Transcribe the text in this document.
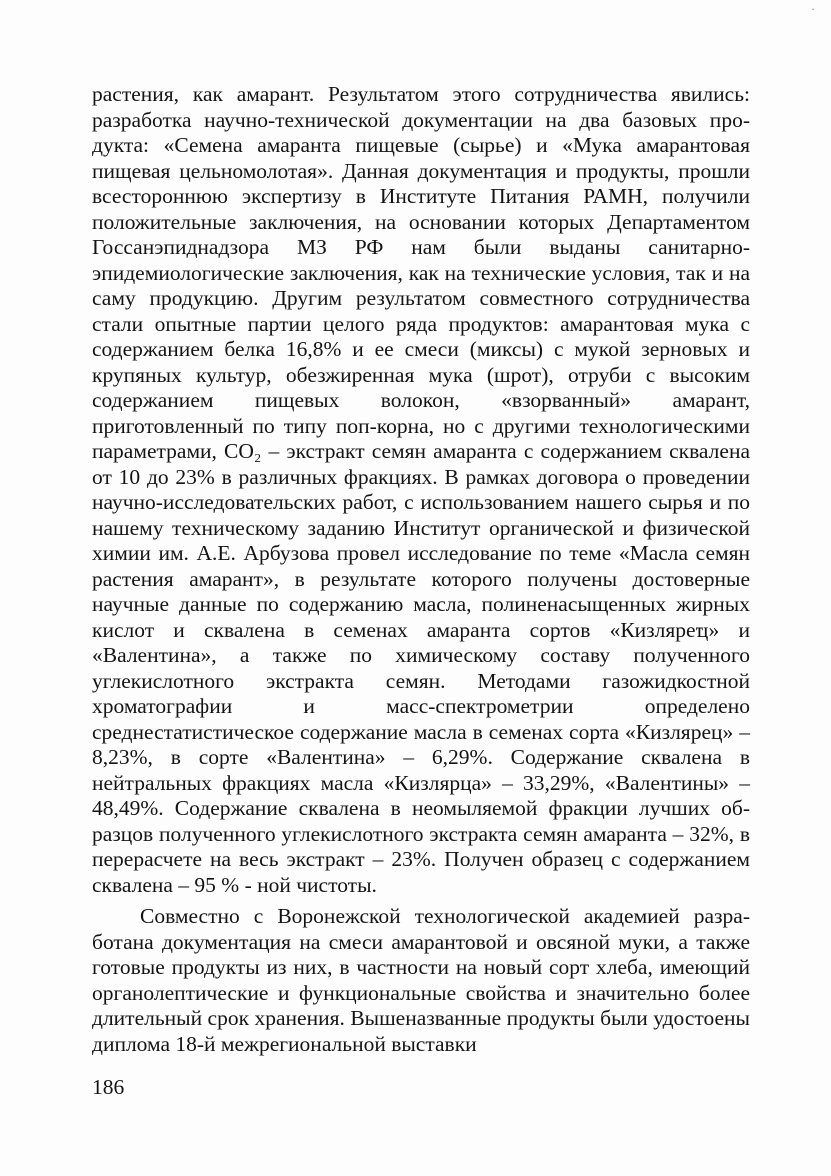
·

растения, как амарант. Результатом этого сотрудничества явились: разработка научно-технической документации на два базовых продукта: «Семена амаранта пищевые (сырье) и «Мука амарантовая пищевая цельномолотая». Данная документация и продукты, прошли всестороннюю экспертизу в Институте Питания РАМН, получили положительные заключения, на основании которых Департаментом Госсанэпиднадзора МЗ РФ нам были выданы санитарно-эпидемиологические заключения, как на технические условия, так и на саму продукцию. Другим результатом совместного сотрудничества стали опытные партии целого ряда продуктов: амарантовая мука с содержанием белка 16,8% и ее смеси (миксы) с мукой зерновых и крупяных культур, обезжиренная мука (шрот), отруби с высоким содержанием пищевых волокон, «взорванный» амарант, приготовленный по типу поп-корна, но с другими технологическими параметрами, CO₂ – экстракт семян амаранта с содержанием сквалена от 10 до 23% в различных фракциях. В рамках договора о проведении научно-исследовательских работ, с использованием нашего сырья и по нашему техническому заданию Институт органической и физической химии им. А.Е. Арбузова провел исследование по теме «Масла семян растения амарант», в результате которого получены достоверные научные данные по содержанию масла, полиненасыщенных жирных кислот и сквалена в семенах амаранта сортов «Кизляреҵ» и «Валентина», а также по химическому составу полученного углекислотного экстракта семян. Методами газожидкостной хроматографии и масс-спектрометрии определено среднестатистическое содержание масла в семенах сорта «Кизлярец» – 8,23%, в сорте «Валентина» – 6,29%. Содержание сквалена в нейтральных фракциях масла «Кизлярца» – 33,29%, «Валентины» – 48,49%. Содержание сквалена в неомыляемой фракции лучших образцов полученного углекислотного экстракта семян амаранта – 32%, в перерасчете на весь экстракт – 23%. Получен образец с содержанием сквалена – 95 % - ной чистоты.

Совместно с Воронежской технологической академией разработана документация на смеси амарантовой и овсяной муки, а также готовые продукты из них, в частности на новый сорт хлеба, имеющий органолептические и функциональные свойства и значительно более длительный срок хранения. Вышеназванные продукты были удостоены диплома 18-й межрегиональной выставки

186
